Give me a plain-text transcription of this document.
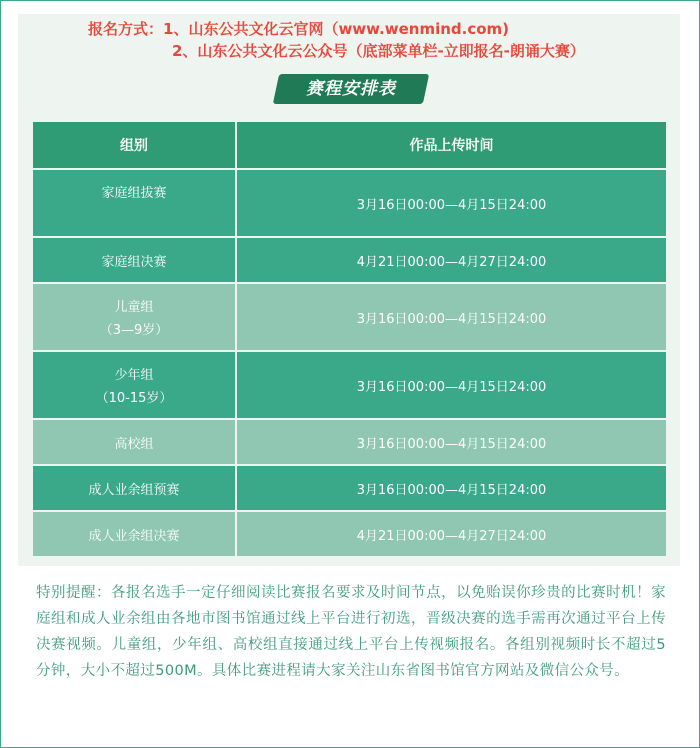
报名方式：1、山东公共文化云官网（www.wenmind.com)
2、山东公共文化云公众号（底部菜单栏-立即报名-朗诵大赛）
赛程安排表
组别	作品上传时间

家庭组拔赛	3月16日00:00—4月15日24:00

家庭组决赛	4月21日00:00—4月27日24:00

儿童组
（3—9岁）	3月16日00:00—4月15日24:00

少年组
（10-15岁）	3月16日00:00—4月15日24:00

高校组	3月16日00:00—4月15日24:00

成人业余组预赛	3月16日00:00—4月15日24:00

成人业余组决赛	4月21日00:00—4月27日24:00
特别提醒：各报名选手一定仔细阅读比赛报名要求及时间节点，以免贻误你珍贵的比赛时机！家庭组和成人业余组由各地市图书馆通过线上平台进行初选，晋级决赛的选手需再次通过平台上传决赛视频。儿童组，少年组、高校组直接通过线上平台上传视频报名。各组别视频时长不超过5分钟，大小不超过500M。具体比赛进程请大家关注山东省图书馆官方网站及微信公众号。
